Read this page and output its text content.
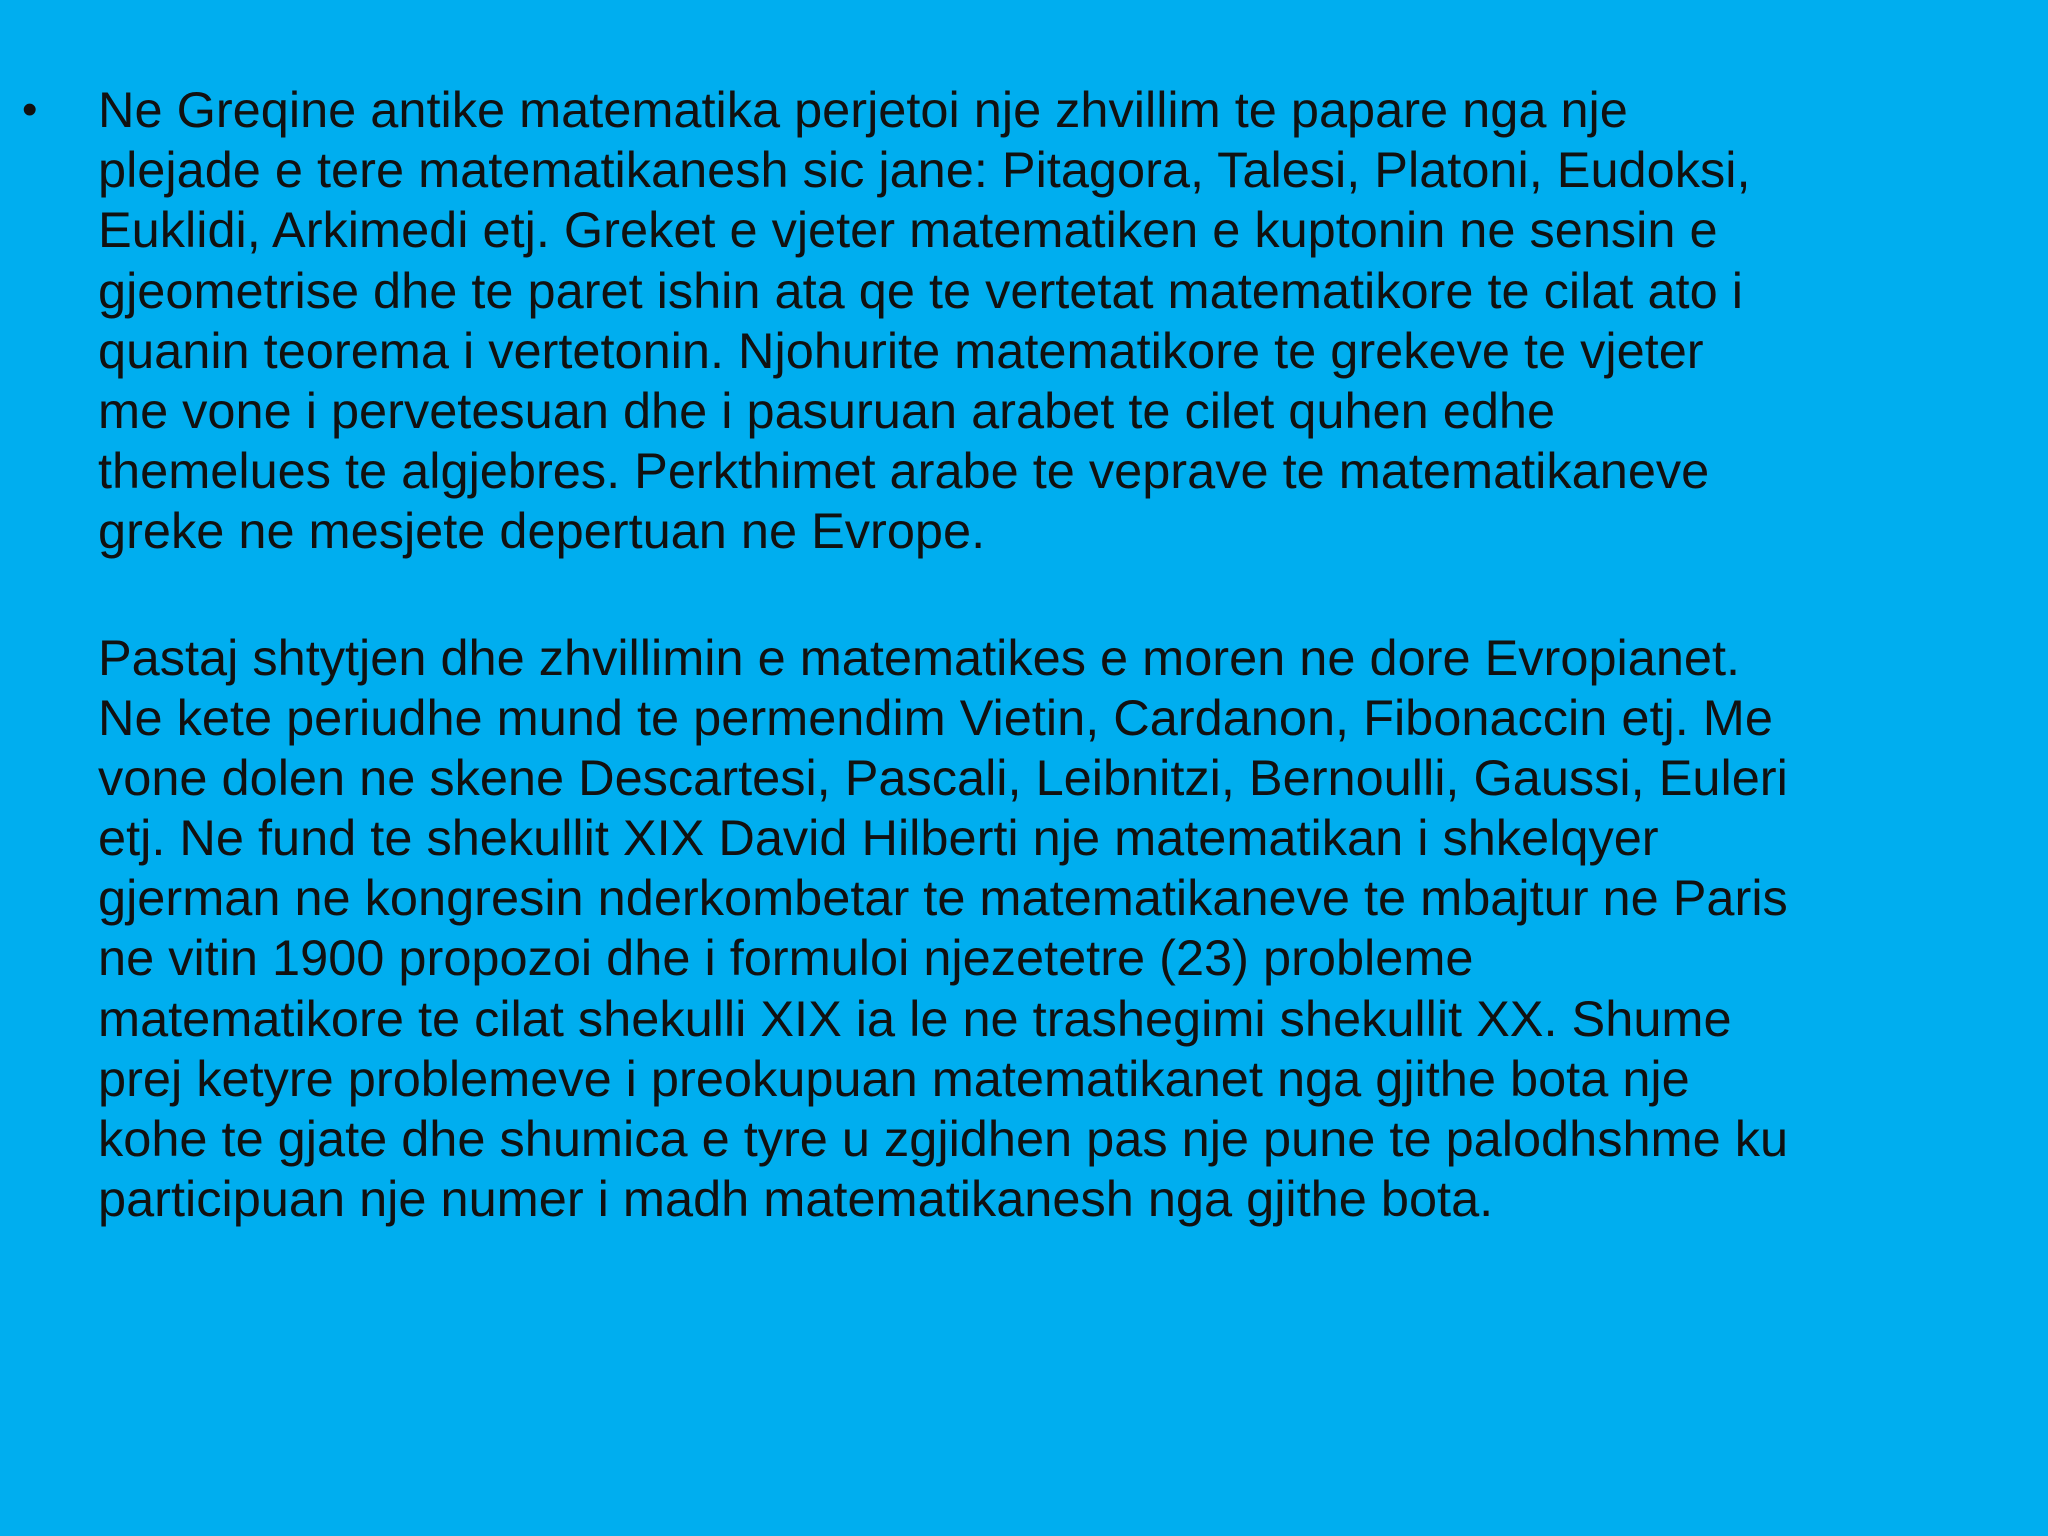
• Ne Greqine antike matematika perjetoi nje zhvillim te papare nga nje
plejade e tere matematikanesh sic jane: Pitagora, Talesi, Platoni, Eudoksi,
Euklidi, Arkimedi etj. Greket e vjeter matematiken e kuptonin ne sensin e
gjeometrise dhe te paret ishin ata qe te vertetat matematikore te cilat ato i
quanin teorema i vertetonin. Njohurite matematikore te grekeve te vjeter
me vone i pervetesuan dhe i pasuruan arabet te cilet quhen edhe
themelues te algjebres. Perkthimet arabe te veprave te matematikaneve
greke ne mesjete depertuan ne Evrope.
Pastaj shtytjen dhe zhvillimin e matematikes e moren ne dore Evropianet.
Ne kete periudhe mund te permendim Vietin, Cardanon, Fibonaccin etj. Me
vone dolen ne skene Descartesi, Pascali, Leibnitzi, Bernoulli, Gaussi, Euleri
etj. Ne fund te shekullit XIX David Hilberti nje matematikan i shkelqyer
gjerman ne kongresin nderkombetar te matematikaneve te mbajtur ne Paris
ne vitin 1900 propozoi dhe i formuloi njezetetre (23) probleme
matematikore te cilat shekulli XIX ia le ne trashegimi shekullit XX. Shume
prej ketyre problemeve i preokupuan matematikanet nga gjithe bota nje
kohe te gjate dhe shumica e tyre u zgjidhen pas nje pune te palodhshme ku
participuan nje numer i madh matematikanesh nga gjithe bota.
